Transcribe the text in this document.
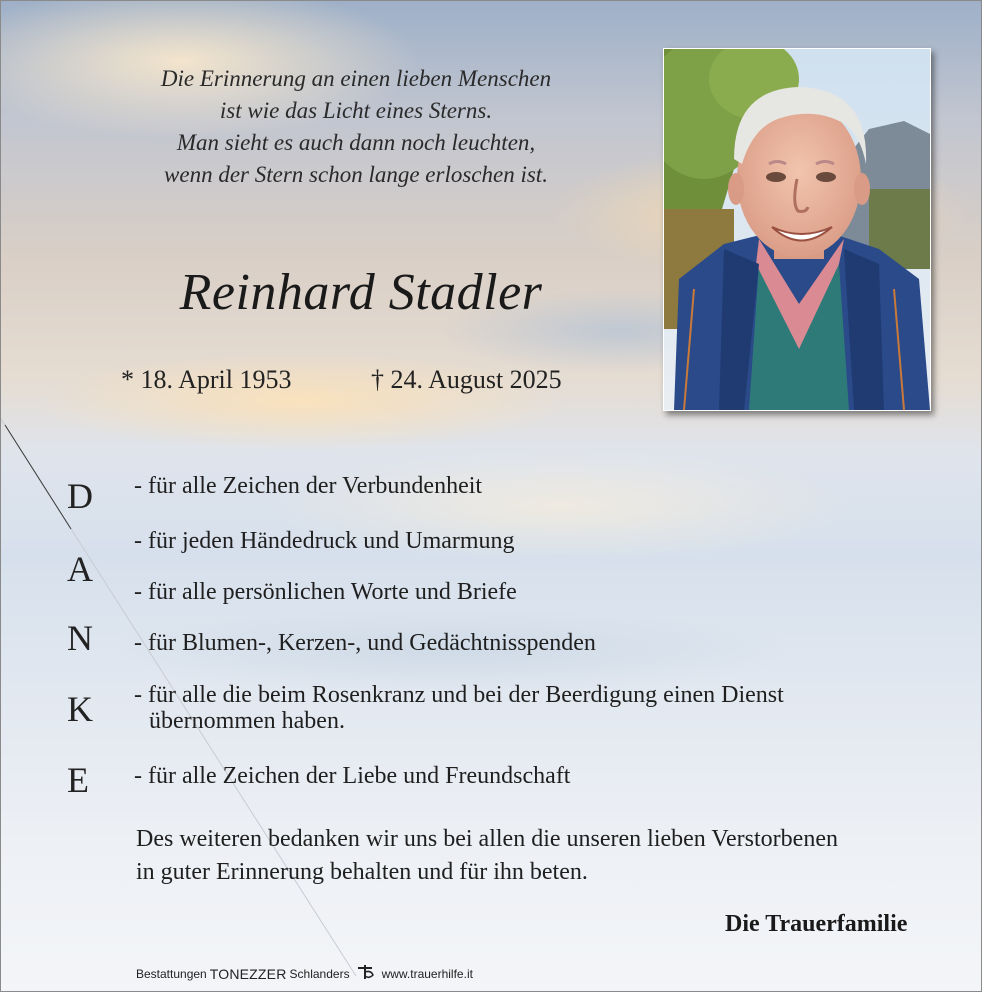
Die Erinnerung an einen lieben Menschen
ist wie das Licht eines Sterns.
Man sieht es auch dann noch leuchten,
wenn der Stern schon lange erloschen ist.
Reinhard Stadler
* 18. April 1953	† 24. August 2025
D
A
N
K
E
- für alle Zeichen der Verbundenheit
- für jeden Händedruck und Umarmung
- für alle persönlichen Worte und Briefe
- für Blumen-, Kerzen-, und Gedächtnisspenden
- für alle die beim Rosenkranz und bei der Beerdigung einen Dienst
übernommen haben.
- für alle Zeichen der Liebe und Freundschaft
Des weiteren bedanken wir uns bei allen die unseren lieben Verstorbenen
in guter Erinnerung behalten und für ihn beten.
Die Trauerfamilie
Bestattungen TONEZZER Schlanders	www.trauerhilfe.it
